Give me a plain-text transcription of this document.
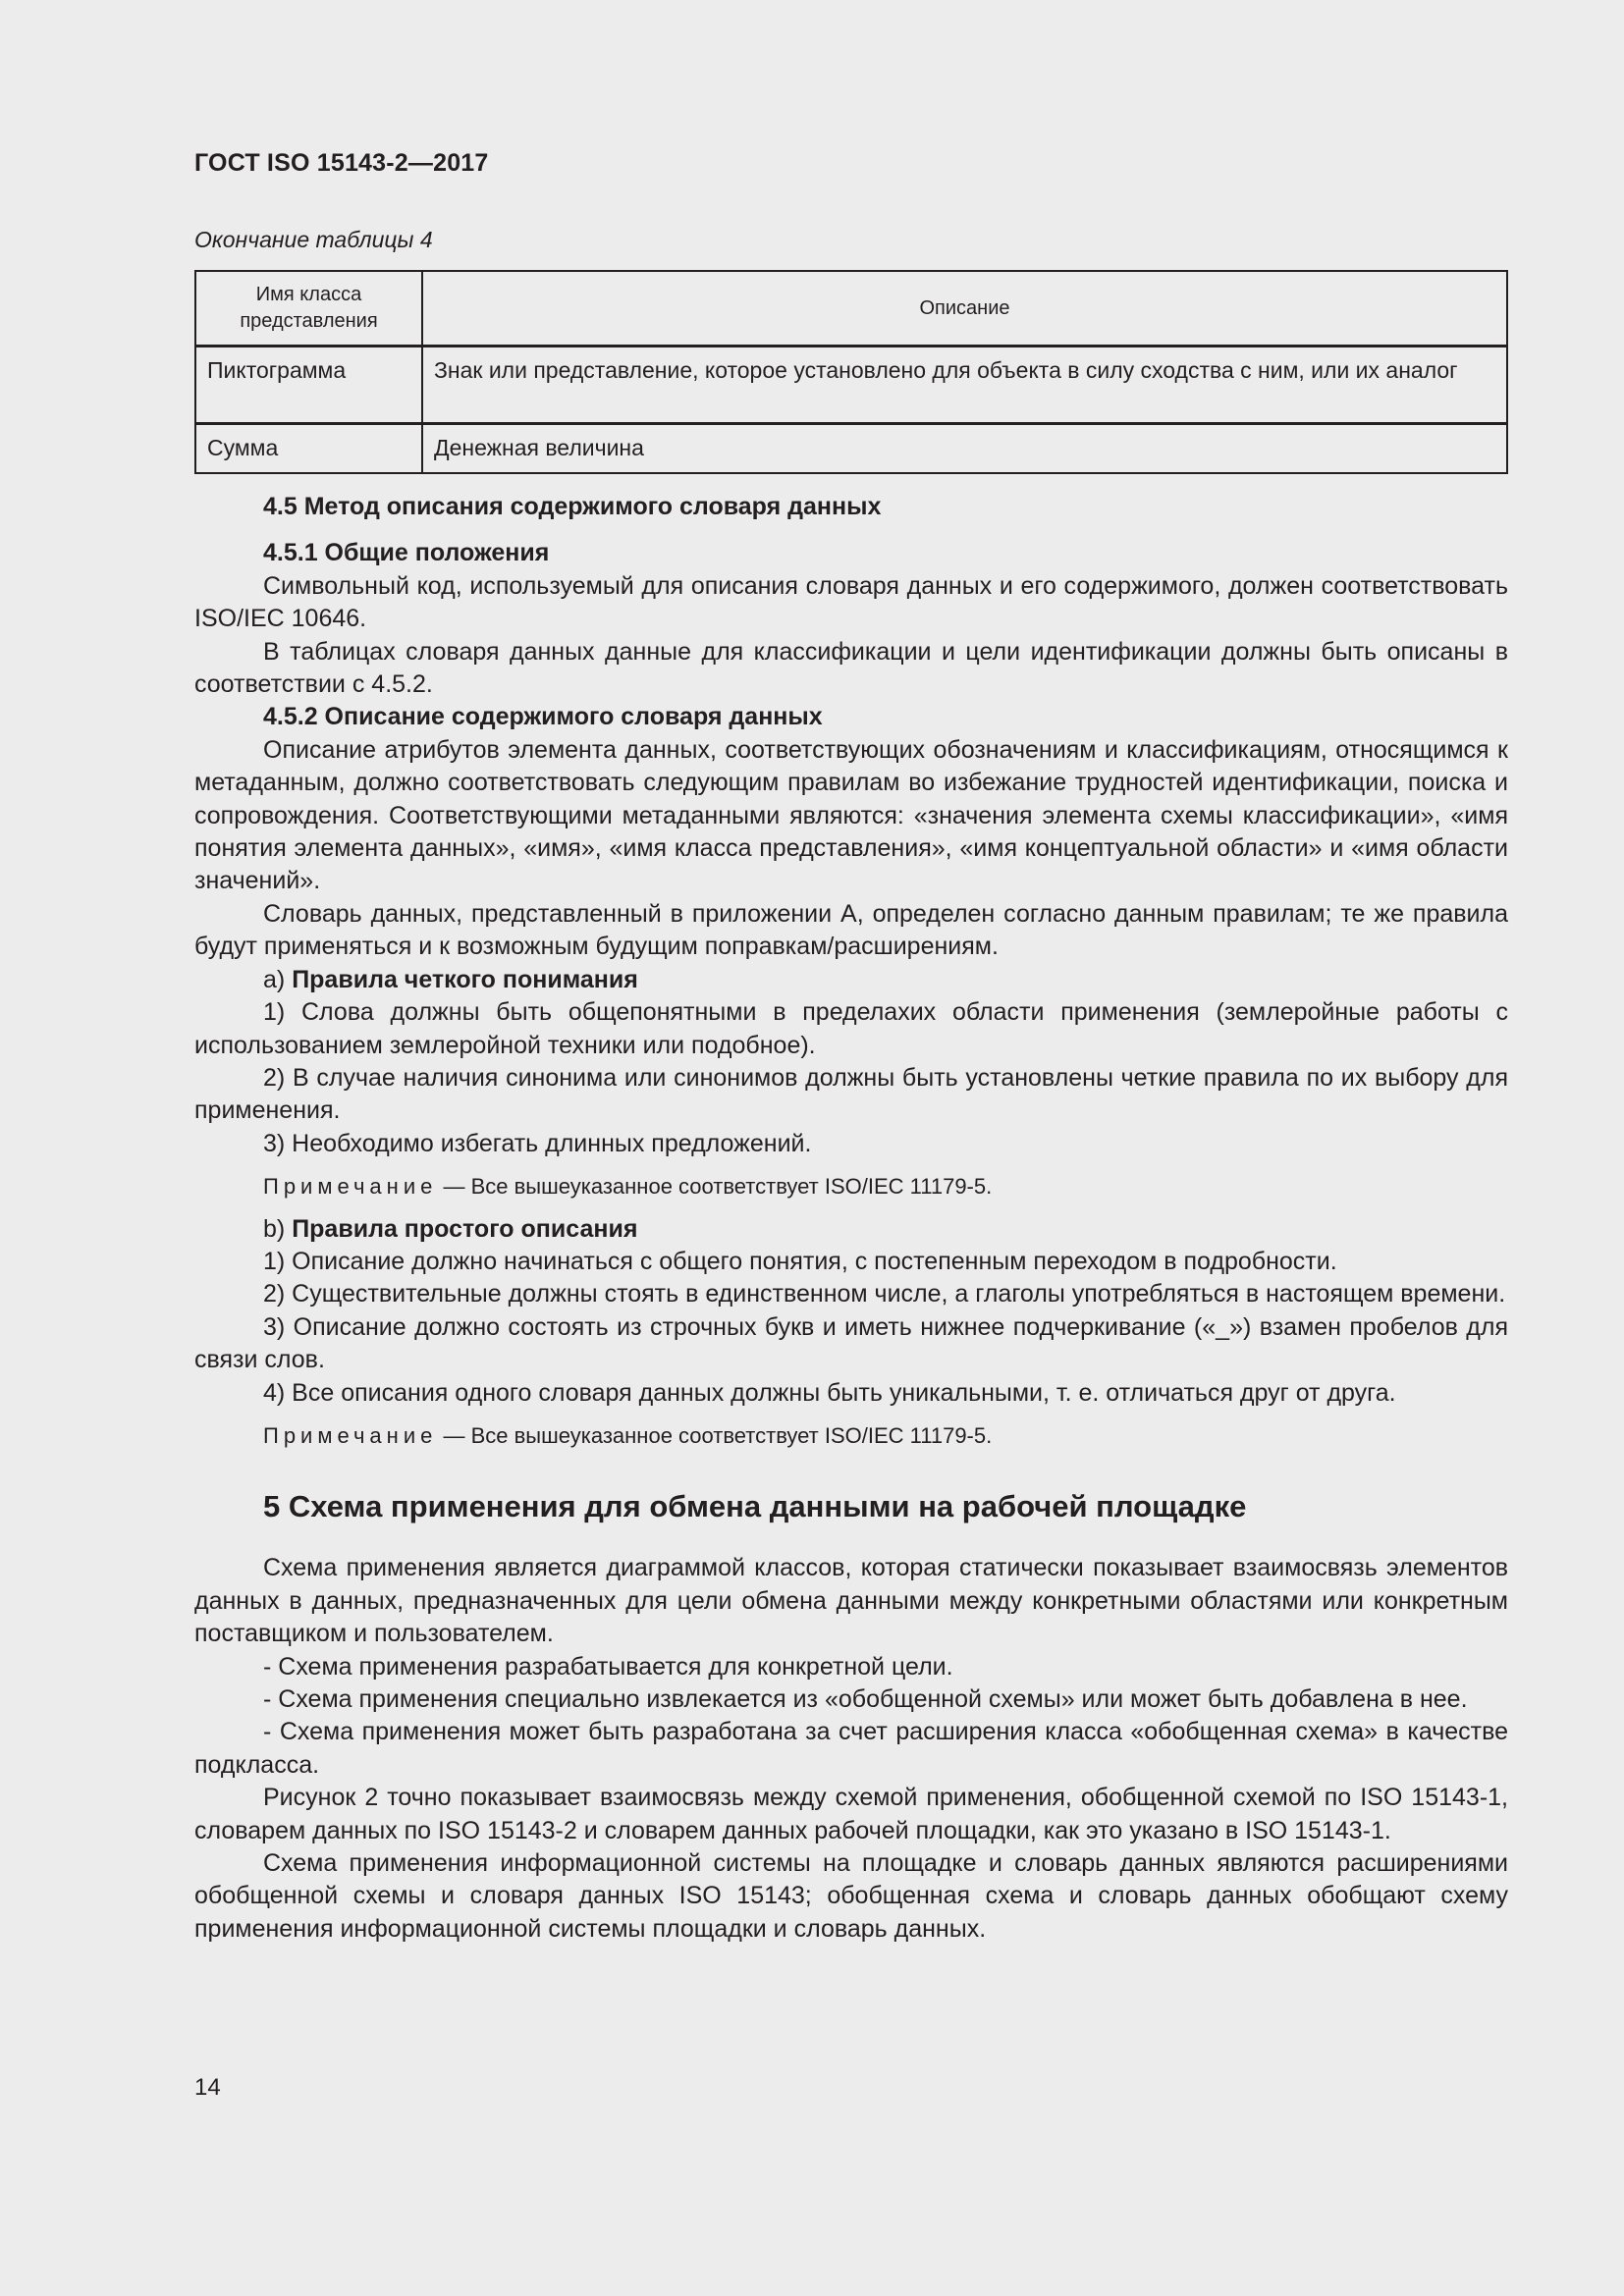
ГОСТ ISO 15143-2—2017
Окончание таблицы 4
Имя класса представления	Описание
Пиктограмма	Знак или представление, которое установлено для объекта в силу сходства с ним, или их аналог
Сумма	Денежная величина

4.5 Метод описания содержимого словаря данных

4.5.1 Общие положения

Символьный код, используемый для описания словаря данных и его содержимого, должен соответствовать ISO/IEC 10646.

В таблицах словаря данных данные для классификации и цели идентификации должны быть описаны в соответствии с 4.5.2.

4.5.2 Описание содержимого словаря данных

Описание атрибутов элемента данных, соответствующих обозначениям и классификациям, относящимся к метаданным, должно соответствовать следующим правилам во избежание трудностей идентификации, поиска и сопровождения. Соответствующими метаданными являются: «значения элемента схемы классификации», «имя понятия элемента данных», «имя», «имя класса представления», «имя концептуальной области» и «имя области значений».

Словарь данных, представленный в приложении А, определен согласно данным правилам; те же правила будут применяться и к возможным будущим поправкам/расширениям.

а) Правила четкого понимания

1) Слова должны быть общепонятными в пределахих области применения (землеройные работы с использованием землеройной техники или подобное).

2) В случае наличия синонима или синонимов должны быть установлены четкие правила по их выбору для применения.

3) Необходимо избегать длинных предложений.

Примечание — Все вышеуказанное соответствует ISO/IEC 11179-5.

b) Правила простого описания

1) Описание должно начинаться с общего понятия, с постепенным переходом в подробности.

2) Существительные должны стоять в единственном числе, а глаголы употребляться в настоящем времени.

3) Описание должно состоять из строчных букв и иметь нижнее подчеркивание («_») взамен пробелов для связи слов.

4) Все описания одного словаря данных должны быть уникальными, т. е. отличаться друг от друга.

Примечание — Все вышеуказанное соответствует ISO/IEC 11179-5.

5 Схема применения для обмена данными на рабочей площадке

Схема применения является диаграммой классов, которая статически показывает взаимосвязь элементов данных в данных, предназначенных для цели обмена данными между конкретными областями или конкретным поставщиком и пользователем.

- Схема применения разрабатывается для конкретной цели.

- Схема применения специально извлекается из «обобщенной схемы» или может быть добавлена в нее.

- Схема применения может быть разработана за счет расширения класса «обобщенная схема» в качестве подкласса.

Рисунок 2 точно показывает взаимосвязь между схемой применения, обобщенной схемой по ISO 15143-1, словарем данных по ISO 15143-2 и словарем данных рабочей площадки, как это указано в ISO 15143-1.

Схема применения информационной системы на площадке и словарь данных являются расширениями обобщенной схемы и словаря данных ISO 15143; обобщенная схема и словарь данных обобщают схему применения информационной системы площадки и словарь данных.

14
